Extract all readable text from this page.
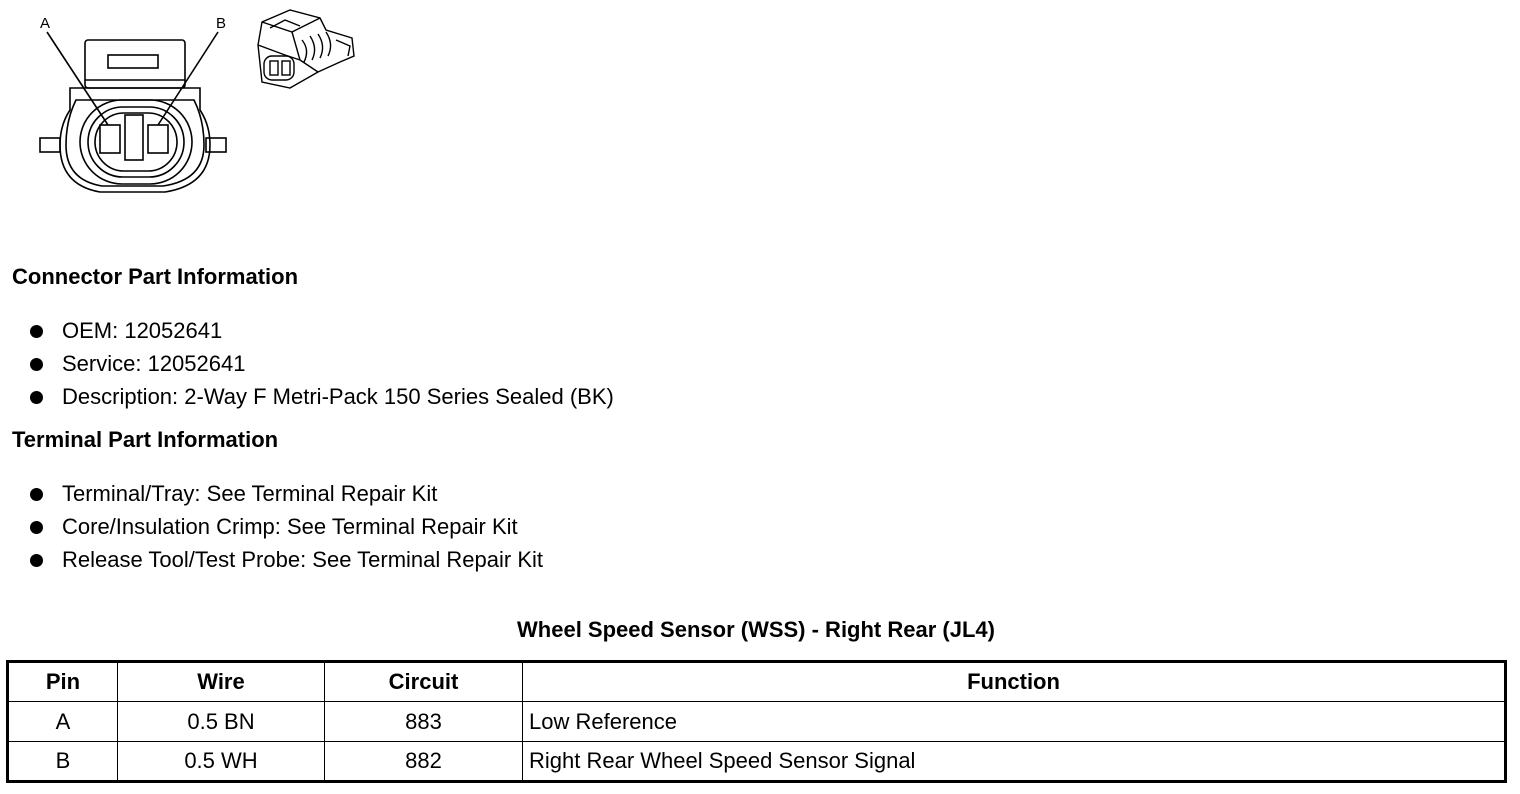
A	B
Connector Part Information
OEM: 12052641
Service: 12052641
Description: 2-Way F Metri-Pack 150 Series Sealed (BK)
Terminal Part Information
Terminal/Tray: See Terminal Repair Kit
Core/Insulation Crimp: See Terminal Repair Kit
Release Tool/Test Probe: See Terminal Repair Kit
Wheel Speed Sensor (WSS) - Right Rear (JL4)
Pin	Wire	Circuit	Function
A	0.5 BN	883	Low Reference
B	0.5 WH	882	Right Rear Wheel Speed Sensor Signal
